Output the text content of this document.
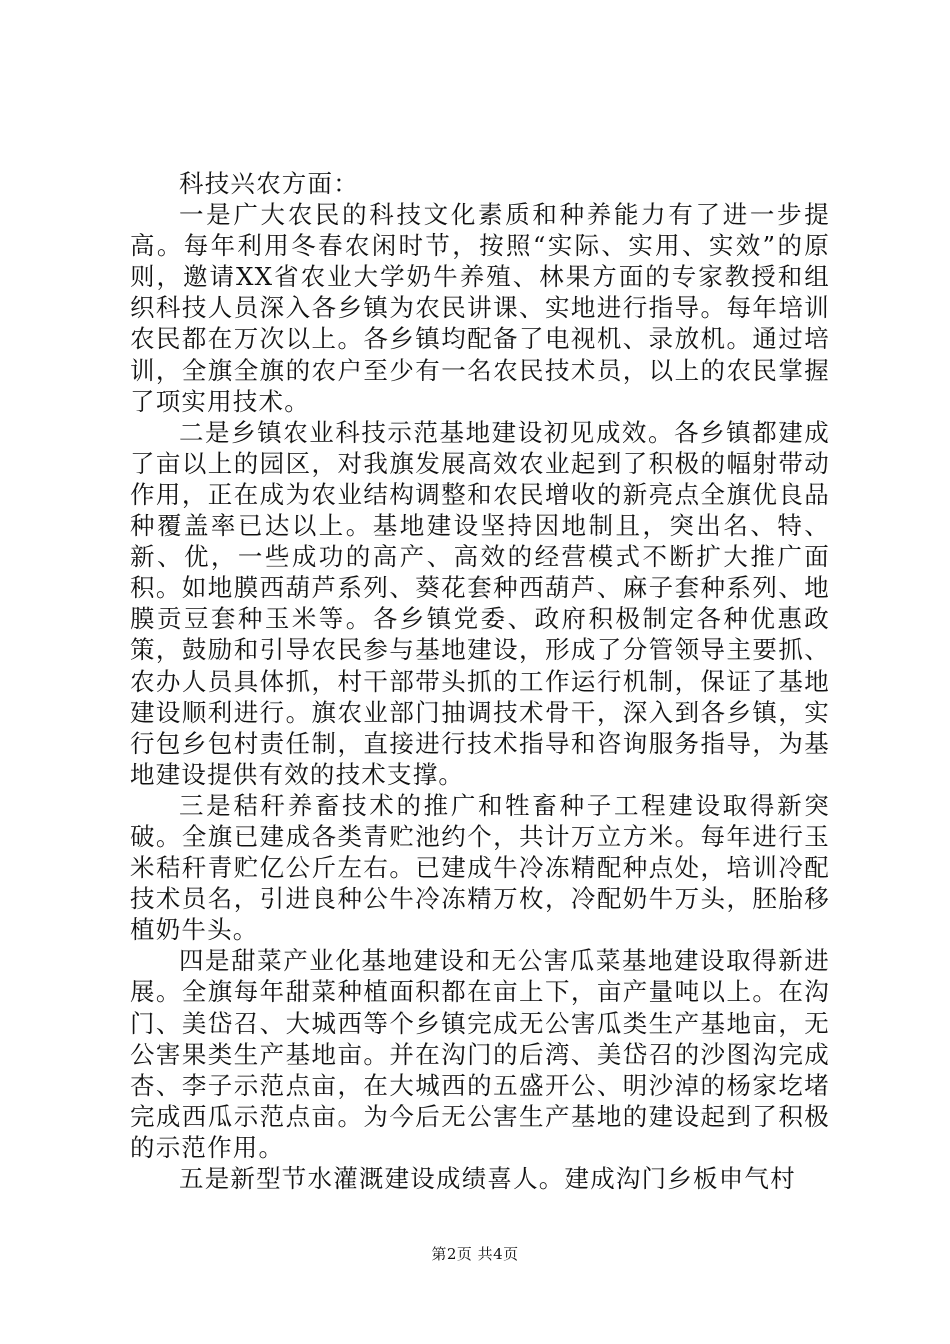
科技兴农方面：

一是广大农民的科技文化素质和种养能力有了进一步提高。每年利用冬春农闲时节，按照“实际、实用、实效”的原则，邀请XX省农业大学奶牛养殖、林果方面的专家教授和组织科技人员深入各乡镇为农民讲课、实地进行指导。每年培训农民都在万次以上。各乡镇均配备了电视机、录放机。通过培训，全旗全旗的农户至少有一名农民技术员，以上的农民掌握了项实用技术。

二是乡镇农业科技示范基地建设初见成效。各乡镇都建成了亩以上的园区，对我旗发展高效农业起到了积极的幅射带动作用，正在成为农业结构调整和农民增收的新亮点全旗优良品种覆盖率已达以上。基地建设坚持因地制且，突出名、特、新、优，一些成功的高产、高效的经营模式不断扩大推广面积。如地膜西葫芦系列、葵花套种西葫芦、麻子套种系列、地膜贡豆套种玉米等。各乡镇党委、政府积极制定各种优惠政策，鼓励和引导农民参与基地建设，形成了分管领导主要抓、农办人员具体抓，村干部带头抓的工作运行机制，保证了基地建设顺利进行。旗农业部门抽调技术骨干，深入到各乡镇，实行包乡包村责任制，直接进行技术指导和咨询服务指导，为基地建设提供有效的技术支撑。

三是秸秆养畜技术的推广和牲畜种子工程建设取得新突破。全旗已建成各类青贮池约个，共计万立方米。每年进行玉米秸秆青贮亿公斤左右。已建成牛冷冻精配种点处，培训冷配技术员名，引进良种公牛冷冻精万枚，冷配奶牛万头，胚胎移植奶牛头。

四是甜菜产业化基地建设和无公害瓜菜基地建设取得新进展。全旗每年甜菜种植面积都在亩上下，亩产量吨以上。在沟门、美岱召、大城西等个乡镇完成无公害瓜类生产基地亩，无公害果类生产基地亩。并在沟门的后湾、美岱召的沙图沟完成杏、李子示范点亩，在大城西的五盛开公、明沙淖的杨家圪堵完成西瓜示范点亩。为今后无公害生产基地的建设起到了积极的示范作用。

五是新型节水灌溉建设成绩喜人。建成沟门乡板申气村

第2页 共4页
